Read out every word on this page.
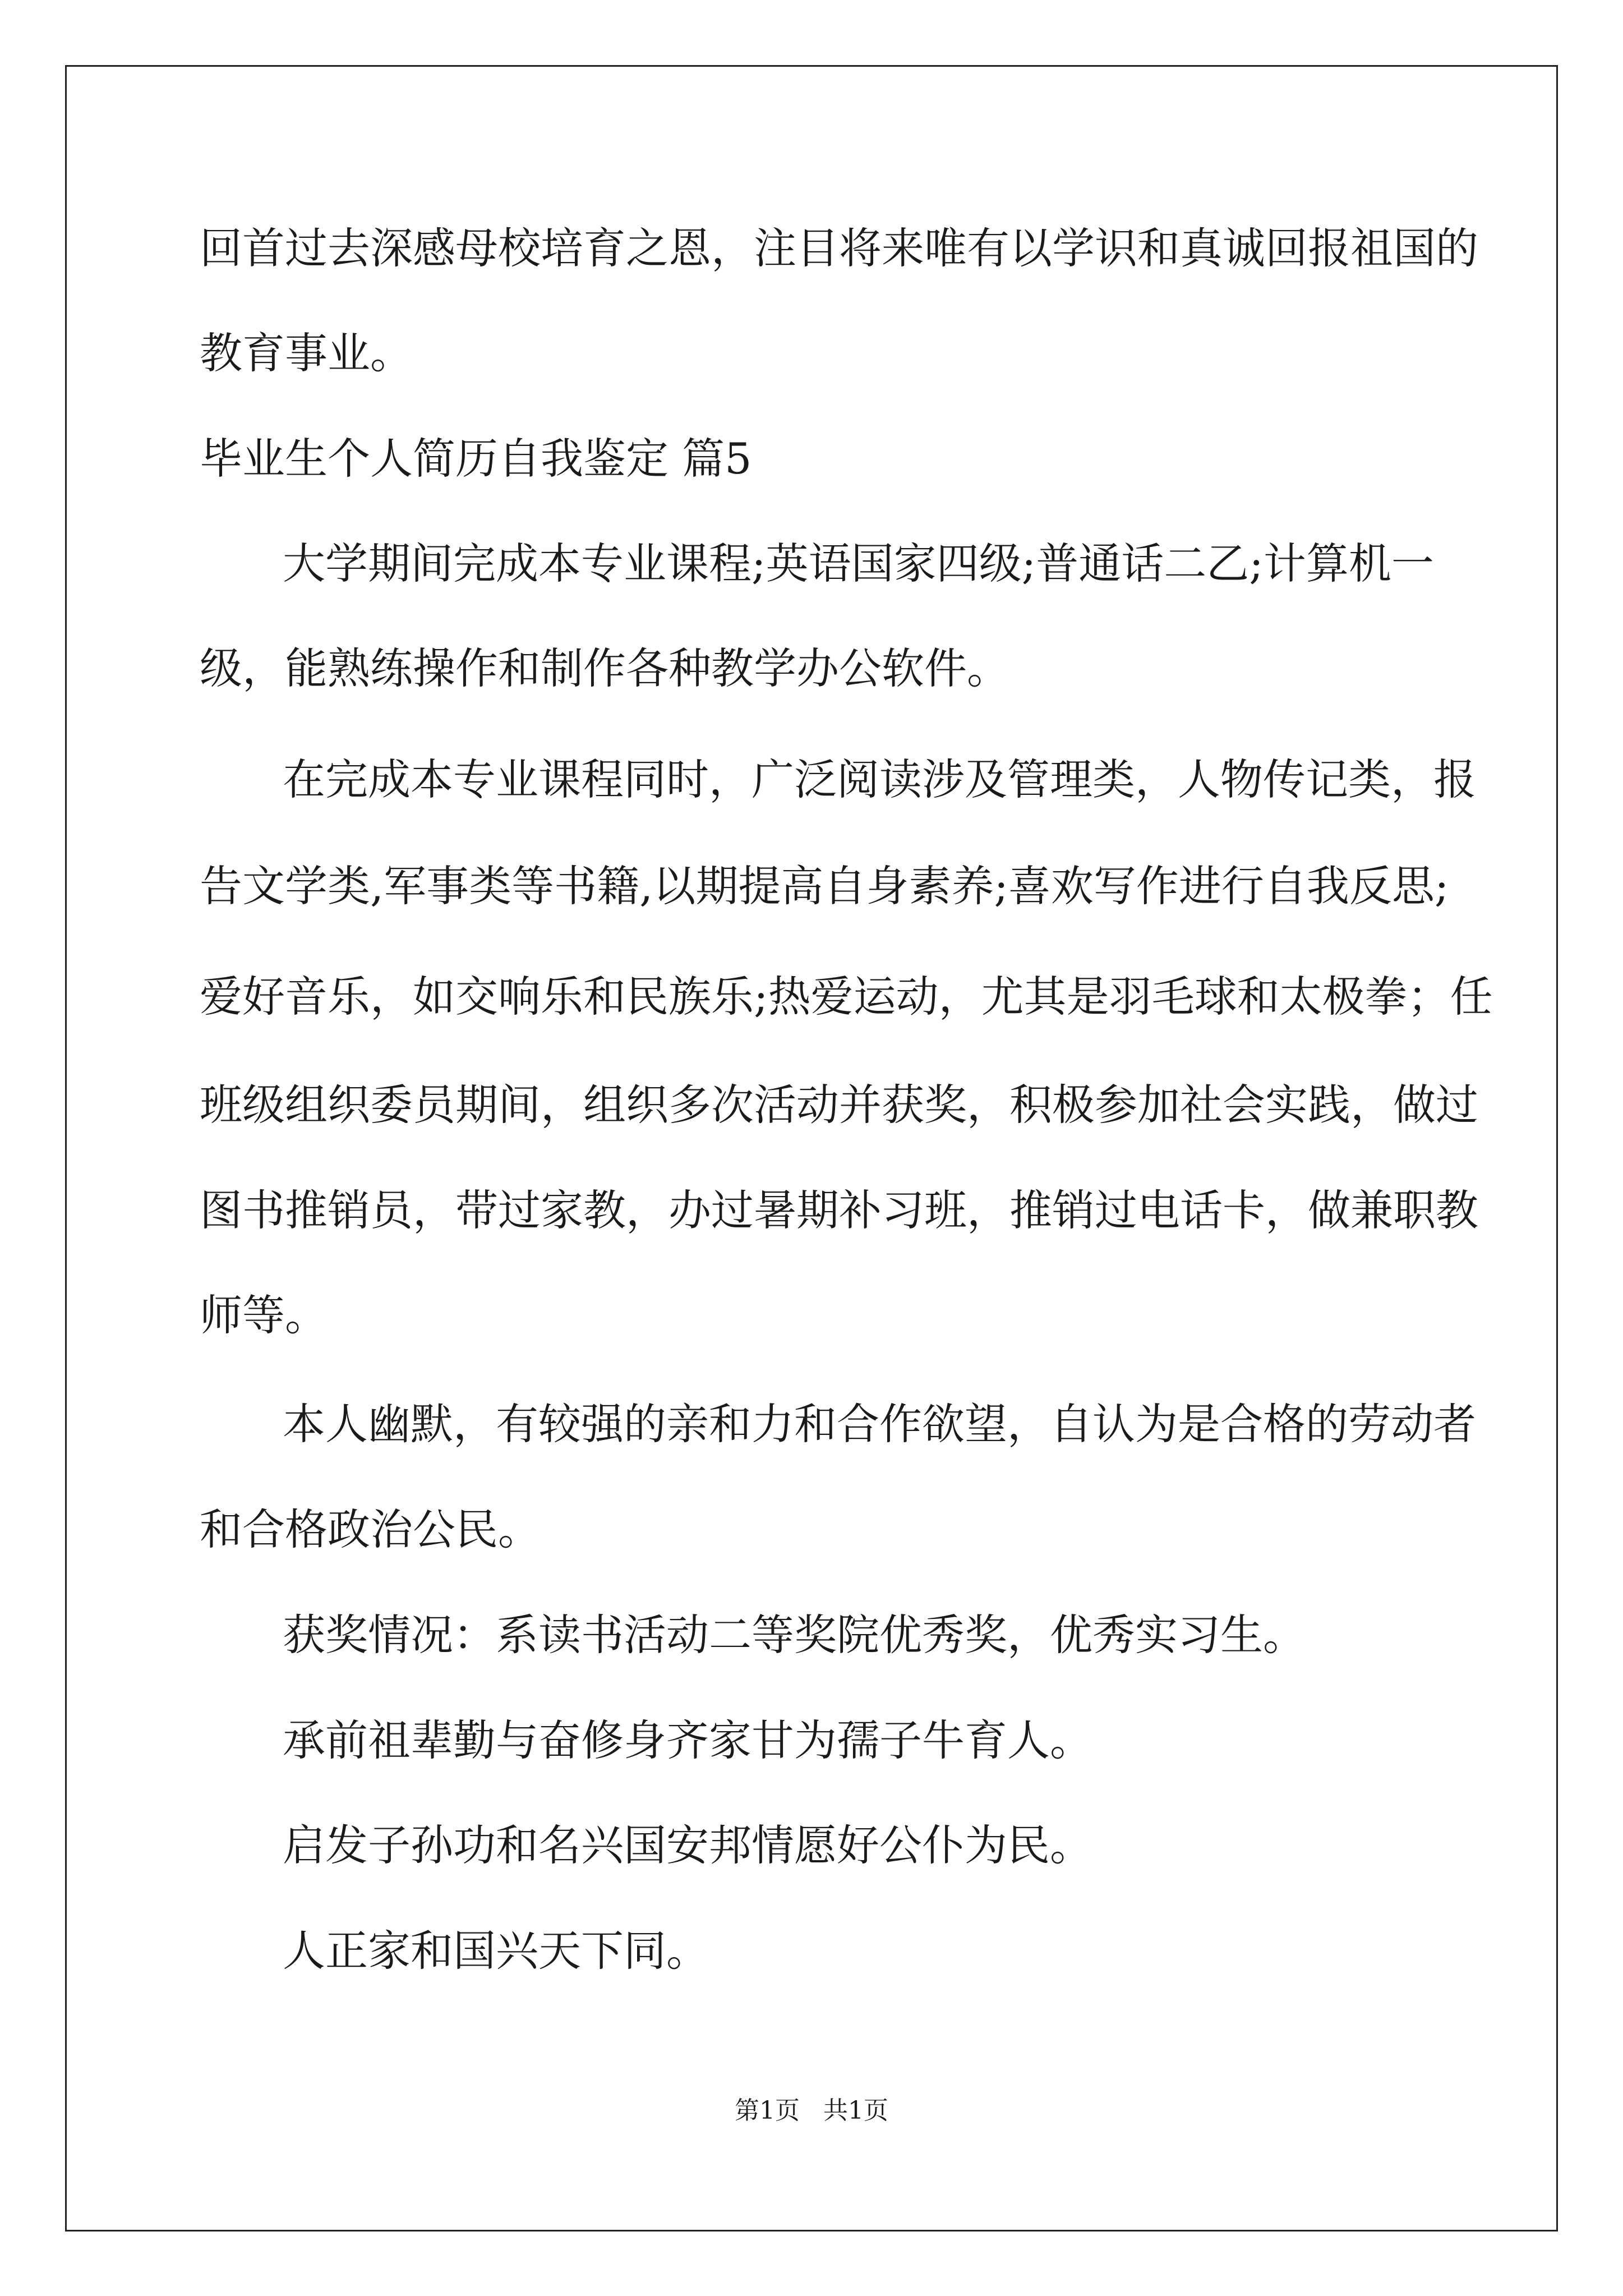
回首过去深感母校培育之恩，注目将来唯有以学识和真诚回报祖国的
教育事业。
毕业生个人简历自我鉴定 篇5
大学期间完成本专业课程;英语国家四级;普通话二乙;计算机一
级，能熟练操作和制作各种教学办公软件。
在完成本专业课程同时，广泛阅读涉及管理类，人物传记类，报
告文学类,军事类等书籍,以期提高自身素养;喜欢写作进行自我反思;
爱好音乐，如交响乐和民族乐;热爱运动，尤其是羽毛球和太极拳；任
班级组织委员期间，组织多次活动并获奖，积极参加社会实践，做过
图书推销员，带过家教，办过暑期补习班，推销过电话卡，做兼职教
师等。
本人幽默，有较强的亲和力和合作欲望，自认为是合格的劳动者
和合格政治公民。
获奖情况：系读书活动二等奖院优秀奖，优秀实习生。
承前祖辈勤与奋修身齐家甘为孺子牛育人。
启发子孙功和名兴国安邦情愿好公仆为民。
人正家和国兴天下同。
第1页   共1页
